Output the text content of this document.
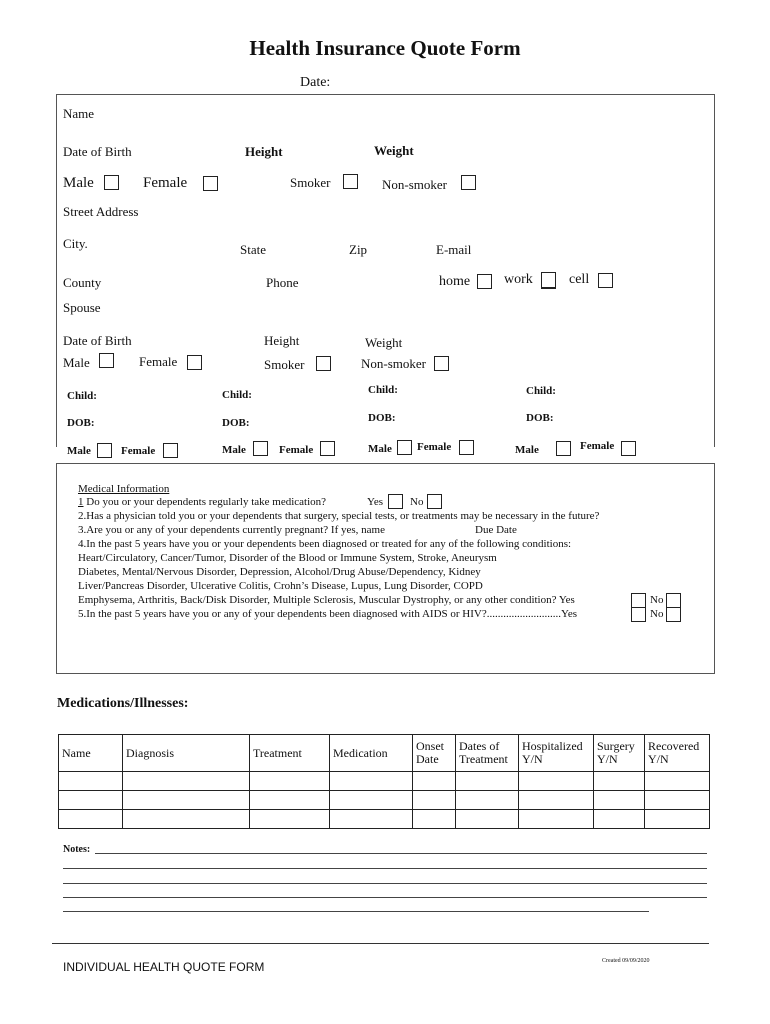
Health Insurance Quote Form
Date:
Name
Date of Birth	Height	Weight
Male	Female	Smoker	Non-smoker
Street Address
City.	State	Zip	E-mail
County	Phone	home work	cell
Spouse
Date of Birth	Height	Weight
Male	Female	Smoker	Non-smoker
Child:
DOB:
Male	Female
Child:
DOB:
Male	Female
Child:
DOB:
Male Female
Child:
DOB:
Male	Female
Medical Information
1 Do you or your dependents regularly take medication?	Yes No
2.Has a physician told you or your dependents that surgery, special tests, or treatments may be necessary in the future?
3.Are you or any of your dependents currently pregnant? If yes, name	Due Date
4.In the past 5 years have you or your dependents been diagnosed or treated for any of the following conditions:
Heart/Circulatory, Cancer/Tumor, Disorder of the Blood or Immune System, Stroke, Aneurysm
Diabetes, Mental/Nervous Disorder, Depression, Alcohol/Drug Abuse/Dependency, Kidney
Liver/Pancreas Disorder, Ulcerative Colitis, Crohn’s Disease, Lupus, Lung Disorder, COPD
Emphysema, Arthritis, Back/Disk Disorder, Multiple Sclerosis, Muscular Dystrophy, or any other condition? Yes	No
5.In the past 5 years have you or any of your dependents been diagnosed with AIDS or HIV?...........................Yes	No
Medications/Illnesses:
Name	Diagnosis	Treatment	Medication	Onset Date	Dates of Treatment	Hospitalized Y/N	Surgery Y/N	Recovered Y/N

Notes:
INDIVIDUAL HEALTH QUOTE FORM	Created 09/09/2020
